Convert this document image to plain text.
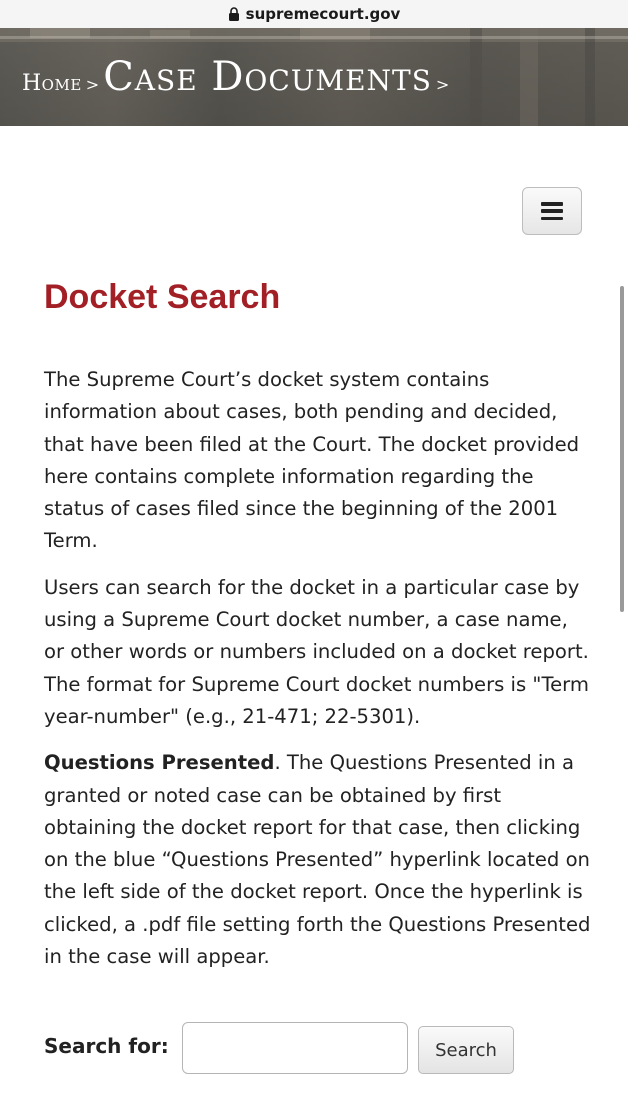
supremecourt.gov
Home > Case Documents >
Docket Search

The Supreme Court’s docket system contains information about cases, both pending and decided, that have been filed at the Court. The docket provided here contains complete information regarding the status of cases filed since the beginning of the 2001 Term.

Users can search for the docket in a particular case by using a Supreme Court docket number, a case name, or other words or numbers included on a docket report. The format for Supreme Court docket numbers is "Term year-number" (e.g., 21-471; 22-5301).

Questions Presented. The Questions Presented in a granted or noted case can be obtained by first obtaining the docket report for that case, then clicking on the blue “Questions Presented” hyperlink located on the left side of the docket report. Once the hyperlink is clicked, a .pdf file setting forth the Questions Presented in the case will appear.

Search for:	Search
